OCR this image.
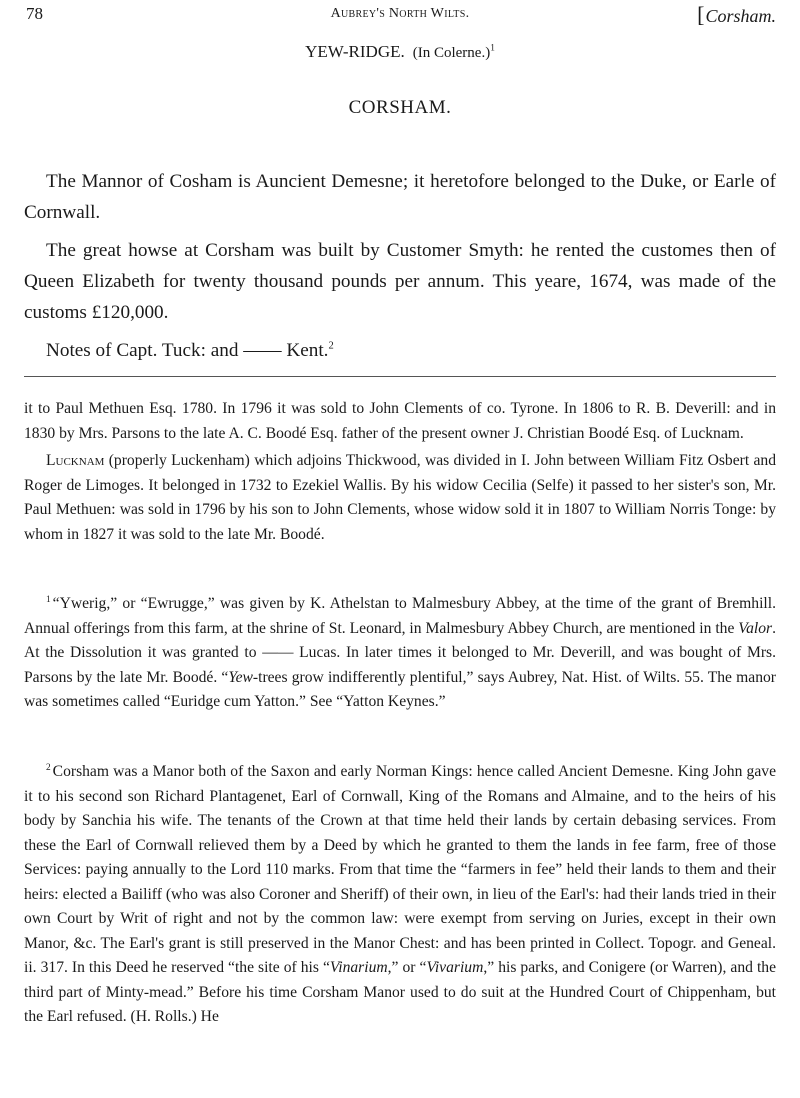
78	Aubrey's North Wilts.	[Corsham.
YEW-RIDGE. (In Colerne.)$^1$
CORSHAM.

The Mannor of Cosham is Auncient Demesne; it heretofore belonged to the Duke, or Earle of Cornwall.

The great howse at Corsham was built by Customer Smyth: he rented the customes then of Queen Elizabeth for twenty thousand pounds per annum. This yeare, 1674, was made of the customs £120,000.

Notes of Capt. Tuck: and —— Kent.$^2$

it to Paul Methuen Esq. 1780. In 1796 it was sold to John Clements of co. Tyrone. In 1806 to R. B. Deverill: and in 1830 by Mrs. Parsons to the late A. C. Boodé Esq. father of the present owner J. Christian Boodé Esq. of Lucknam.

Lucknam (properly Luckenham) which adjoins Thickwood, was divided in I. John between William Fitz Osbert and Roger de Limoges. It belonged in 1732 to Ezekiel Wallis. By his widow Cecilia (Selfe) it passed to her sister's son, Mr. Paul Methuen: was sold in 1796 by his son to John Clements, whose widow sold it in 1807 to William Norris Tonge: by whom in 1827 it was sold to the late Mr. Boodé.

$^1$ “Ywerig,” or “Ewrugge,” was given by K. Athelstan to Malmesbury Abbey, at the time of the grant of Bremhill. Annual offerings from this farm, at the shrine of St. Leonard, in Malmesbury Abbey Church, are mentioned in the Valor. At the Dissolution it was granted to —— Lucas. In later times it belonged to Mr. Deverill, and was bought of Mrs. Parsons by the late Mr. Boodé. “Yew-trees grow indifferently plentiful,” says Aubrey, Nat. Hist. of Wilts. 55. The manor was sometimes called “Euridge cum Yatton.” See “Yatton Keynes.”

$^2$ Corsham was a Manor both of the Saxon and early Norman Kings: hence called Ancient Demesne. King John gave it to his second son Richard Plantagenet, Earl of Cornwall, King of the Romans and Almaine, and to the heirs of his body by Sanchia his wife. The tenants of the Crown at that time held their lands by certain debasing services. From these the Earl of Cornwall relieved them by a Deed by which he granted to them the lands in fee farm, free of those Services: paying annually to the Lord 110 marks. From that time the “farmers in fee” held their lands to them and their heirs: elected a Bailiff (who was also Coroner and Sheriff) of their own, in lieu of the Earl's: had their lands tried in their own Court by Writ of right and not by the common law: were exempt from serving on Juries, except in their own Manor, &c. The Earl's grant is still preserved in the Manor Chest: and has been printed in Collect. Topogr. and Geneal. ii. 317. In this Deed he reserved “the site of his “Vinarium,” or “Vivarium,” his parks, and Conigere (or Warren), and the third part of Minty-mead.” Before his time Corsham Manor used to do suit at the Hundred Court of Chippenham, but the Earl refused. (H. Rolls.) He
